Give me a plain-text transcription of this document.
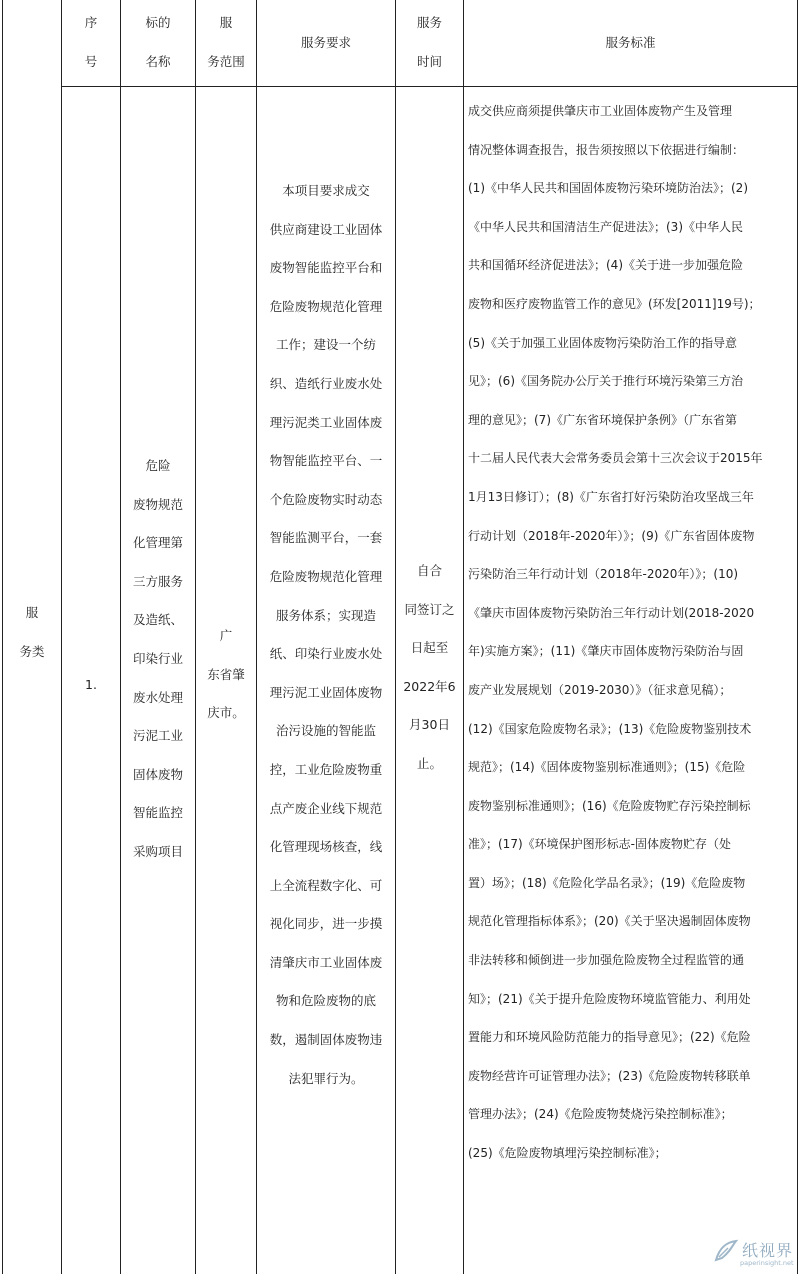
序
号
标的
名称
服
务范围
服务要求
服务
时间
服务标准
服
务类
1.
危险
废物规范
化管理第
三方服务
及造纸、
印染行业
废水处理
污泥工业
固体废物
智能监控
采购项目
广
东省肇
庆市。
本项目要求成交
供应商建设工业固体
废物智能监控平台和
危险废物规范化管理
工作；建设一个纺
织、造纸行业废水处
理污泥类工业固体废
物智能监控平台、一
个危险废物实时动态
智能监测平台，一套
危险废物规范化管理
服务体系；实现造
纸、印染行业废水处
理污泥工业固体废物
治污设施的智能监
控，工业危险废物重
点产废企业线下规范
化管理现场核查，线
上全流程数字化、可
视化同步，进一步摸
清肇庆市工业固体废
物和危险废物的底
数，遏制固体废物违
法犯罪行为。
自合
同签订之
日起至
2022年6
月30日
止。
成交供应商须提供肇庆市工业固体废物产生及管理
情况整体调查报告，报告须按照以下依据进行编制：
(1)《中华人民共和国固体废物污染环境防治法》；(2)
《中华人民共和国清洁生产促进法》；(3)《中华人民
共和国循环经济促进法》；(4)《关于进一步加强危险
废物和医疗废物监管工作的意见》(环发[2011]19号)；
(5)《关于加强工业固体废物污染防治工作的指导意
见》；(6)《国务院办公厅关于推行环境污染第三方治
理的意见》；(7)《广东省环境保护条例》（广东省第
十二届人民代表大会常务委员会第十三次会议于2015年
1月13日修订）；(8)《广东省打好污染防治攻坚战三年
行动计划（2018年-2020年）》；(9)《广东省固体废物
污染防治三年行动计划（2018年-2020年）》；(10)
《肇庆市固体废物污染防治三年行动计划(2018-2020
年)实施方案》；(11)《肇庆市固体废物污染防治与固
废产业发展规划（2019-2030）》（征求意见稿）；
(12)《国家危险废物名录》；(13)《危险废物鉴别技术
规范》；(14)《固体废物鉴别标准通则》；(15)《危险
废物鉴别标准通则》；(16)《危险废物贮存污染控制标
准》；(17)《环境保护图形标志-固体废物贮存（处
置）场》；(18)《危险化学品名录》；(19)《危险废物
规范化管理指标体系》；(20)《关于坚决遏制固体废物
非法转移和倾倒进一步加强危险废物全过程监管的通
知》；(21)《关于提升危险废物环境监管能力、利用处
置能力和环境风险防范能力的指导意见》；(22)《危险
废物经营许可证管理办法》；(23)《危险废物转移联单
管理办法》；(24)《危险废物焚烧污染控制标准》；
(25)《危险废物填埋污染控制标准》；
纸视界
paperinsight.net
